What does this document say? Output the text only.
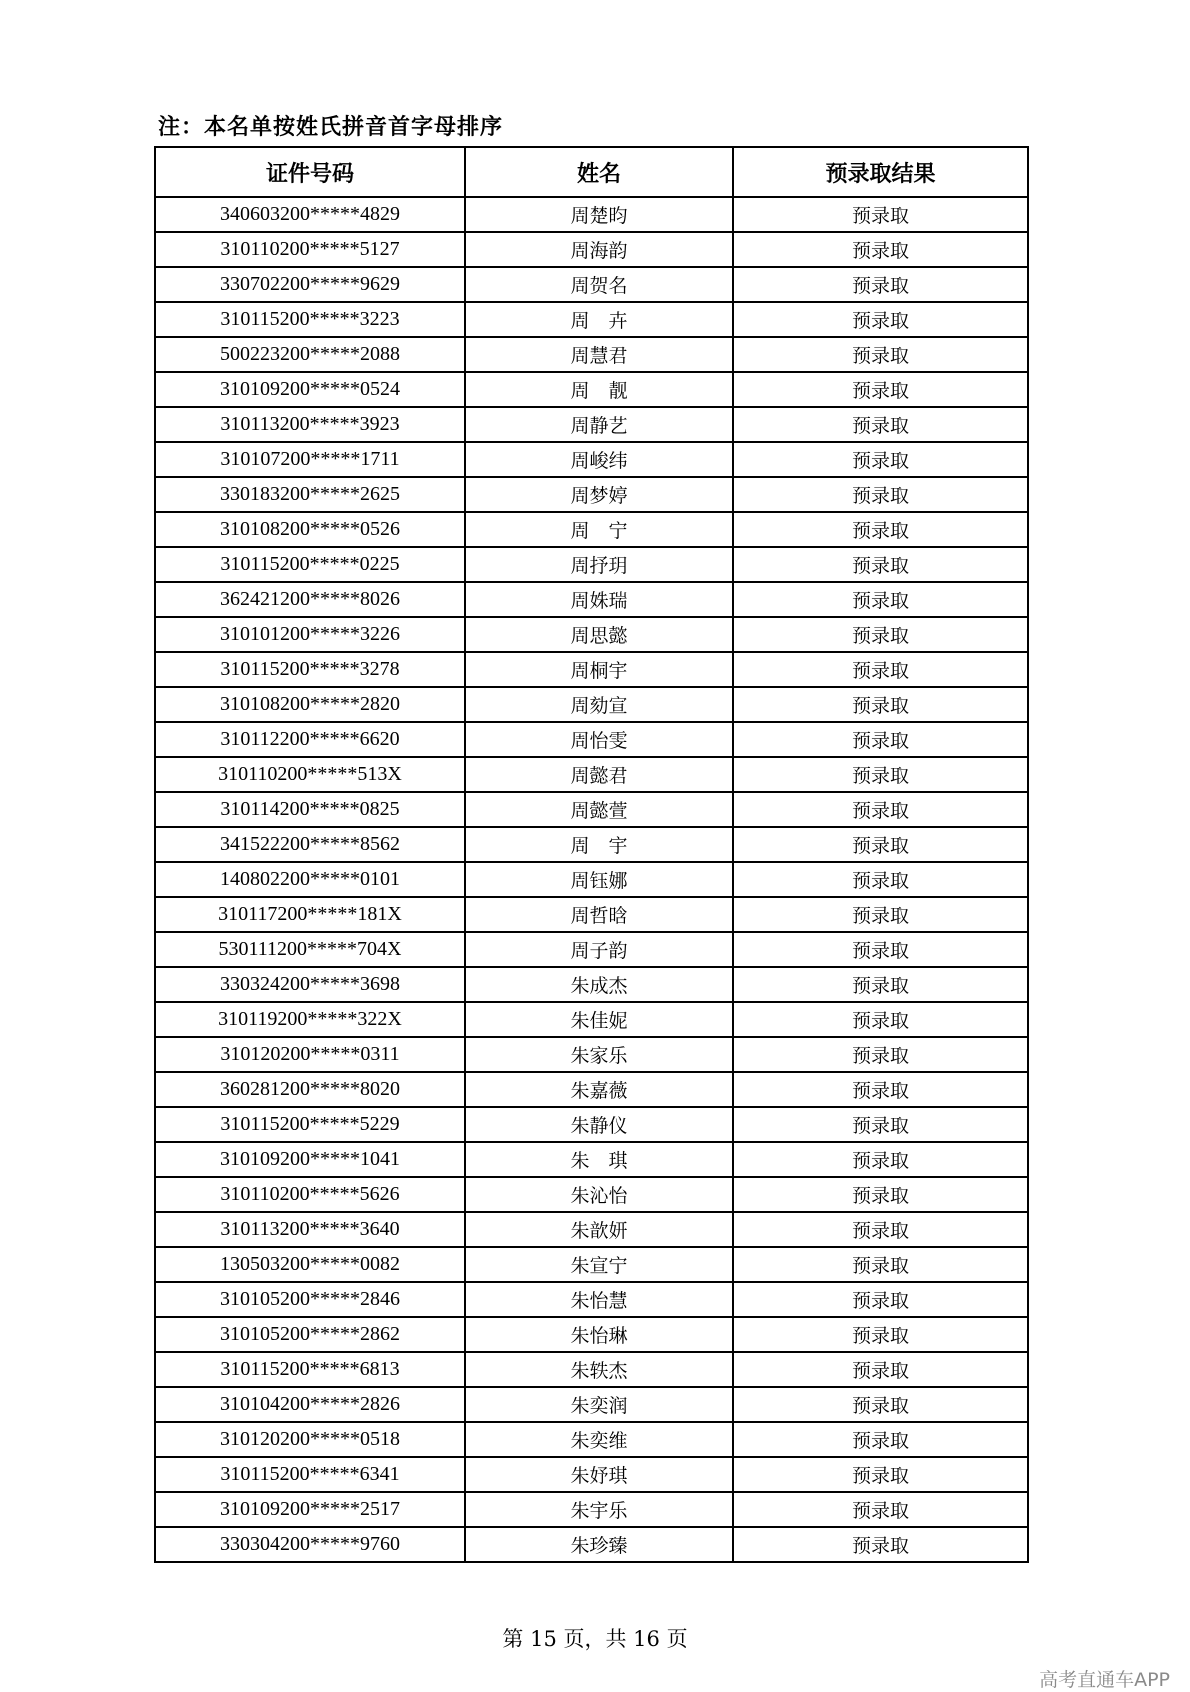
注：本名单按姓氏拼音首字母排序
证件号码	姓名	预录取结果
340603200*****4829	周楚昀	预录取
310110200*****5127	周海韵	预录取
330702200*****9629	周贺名	预录取
310115200*****3223	周　卉	预录取
500223200*****2088	周慧君	预录取
310109200*****0524	周　靓	预录取
310113200*****3923	周静艺	预录取
310107200*****1711	周峻纬	预录取
330183200*****2625	周梦婷	预录取
310108200*****0526	周　宁	预录取
310115200*****0225	周抒玥	预录取
362421200*****8026	周姝瑞	预录取
310101200*****3226	周思懿	预录取
310115200*****3278	周桐宇	预录取
310108200*****2820	周劾宣	预录取
310112200*****6620	周怡雯	预录取
310110200*****513X	周懿君	预录取
310114200*****0825	周懿萱	预录取
341522200*****8562	周　宇	预录取
140802200*****0101	周钰娜	预录取
310117200*****181X	周哲晗	预录取
530111200*****704X	周子韵	预录取
330324200*****3698	朱成杰	预录取
310119200*****322X	朱佳妮	预录取
310120200*****0311	朱家乐	预录取
360281200*****8020	朱嘉薇	预录取
310115200*****5229	朱静仪	预录取
310109200*****1041	朱　琪	预录取
310110200*****5626	朱沁怡	预录取
310113200*****3640	朱歆妍	预录取
130503200*****0082	朱宣宁	预录取
310105200*****2846	朱怡慧	预录取
310105200*****2862	朱怡琳	预录取
310115200*****6813	朱轶杰	预录取
310104200*****2826	朱奕润	预录取
310120200*****0518	朱奕维	预录取
310115200*****6341	朱妤琪	预录取
310109200*****2517	朱宇乐	预录取
330304200*****9760	朱珍臻	预录取
第 15 页，共 16 页
高考直通车APP
